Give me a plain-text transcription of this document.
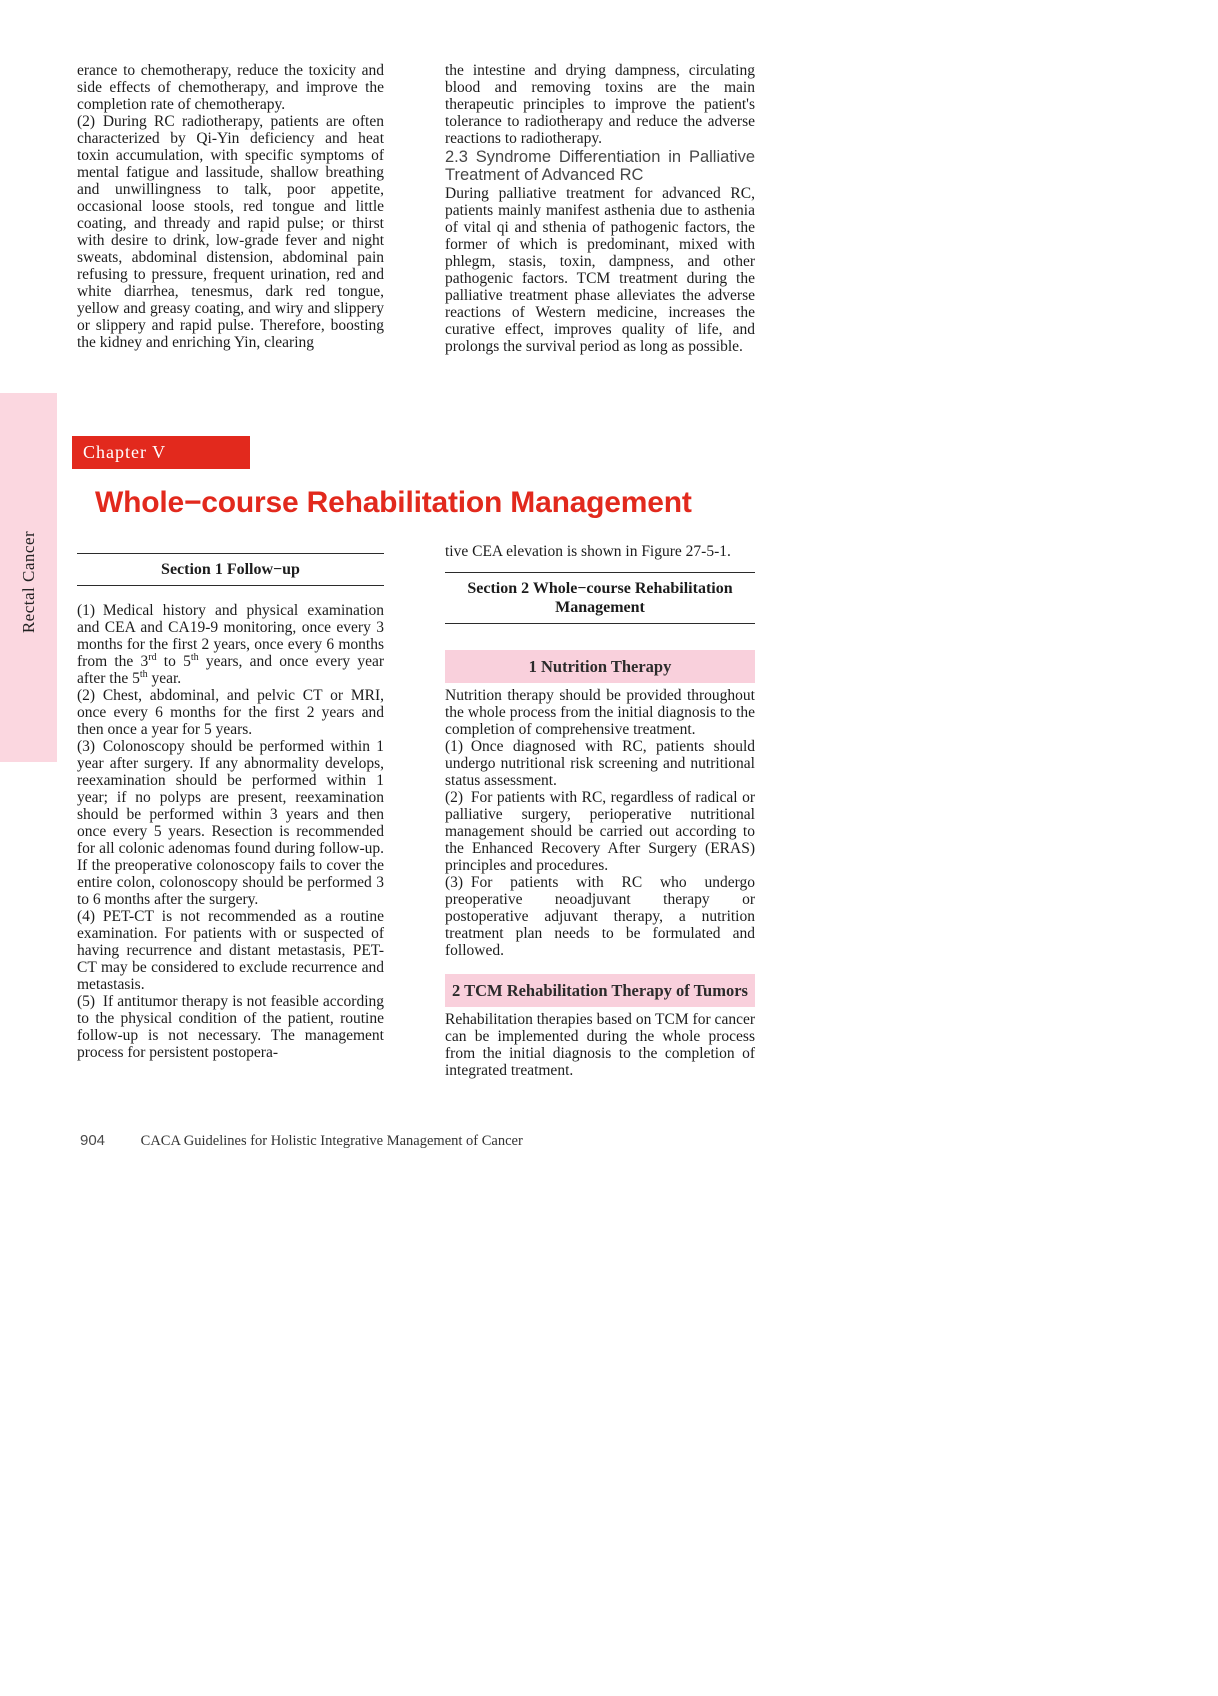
Rectal Cancer

erance to chemotherapy, reduce the toxicity and side effects of chemotherapy, and improve the completion rate of chemotherapy.

(2) During RC radiotherapy, patients are often characterized by Qi-Yin deficiency and heat toxin accumulation, with specific symptoms of mental fatigue and lassitude, shallow breathing and unwillingness to talk, poor appetite, occasional loose stools, red tongue and little coating, and thready and rapid pulse; or thirst with desire to drink, low-grade fever and night sweats, abdominal distension, abdominal pain refusing to pressure, frequent urination, red and white diarrhea, tenesmus, dark red tongue, yellow and greasy coating, and wiry and slippery or slippery and rapid pulse. Therefore, boosting the kidney and enriching Yin, clearing

the intestine and drying dampness, circulating blood and removing toxins are the main therapeutic principles to improve the patient's tolerance to radiotherapy and reduce the adverse reactions to radiotherapy.

2.3 Syndrome Differentiation in Palliative Treatment of Advanced RC

During palliative treatment for advanced RC, patients mainly manifest asthenia due to asthenia of vital qi and sthenia of pathogenic factors, the former of which is predominant, mixed with phlegm, stasis, toxin, dampness, and other pathogenic factors. TCM treatment during the palliative treatment phase alleviates the adverse reactions of Western medicine, increases the curative effect, improves quality of life, and prolongs the survival period as long as possible.

Chapter V
Whole−course Rehabilitation Management
Section 1 Follow−up

(1) Medical history and physical examination and CEA and CA19-9 monitoring, once every 3 months for the first 2 years, once every 6 months from the 3rd to 5th years, and once every year after the 5th year.

(2) Chest, abdominal, and pelvic CT or MRI, once every 6 months for the first 2 years and then once a year for 5 years.

(3) Colonoscopy should be performed within 1 year after surgery. If any abnormality develops, reexamination should be performed within 1 year; if no polyps are present, reexamination should be performed within 3 years and then once every 5 years. Resection is recommended for all colonic adenomas found during follow-up. If the preoperative colonoscopy fails to cover the entire colon, colonoscopy should be performed 3 to 6 months after the surgery.

(4) PET-CT is not recommended as a routine examination. For patients with or suspected of having recurrence and distant metastasis, PET-CT may be considered to exclude recurrence and metastasis.

(5) If antitumor therapy is not feasible according to the physical condition of the patient, routine follow-up is not necessary. The management process for persistent postopera-

tive CEA elevation is shown in Figure 27-5-1.

Section 2 Whole−course Rehabilitation Management
1 Nutrition Therapy

Nutrition therapy should be provided throughout the whole process from the initial diagnosis to the completion of comprehensive treatment.

(1) Once diagnosed with RC, patients should undergo nutritional risk screening and nutritional status assessment.

(2) For patients with RC, regardless of radical or palliative surgery, perioperative nutritional management should be carried out according to the Enhanced Recovery After Surgery (ERAS) principles and procedures.

(3) For patients with RC who undergo preoperative neoadjuvant therapy or postoperative adjuvant therapy, a nutrition treatment plan needs to be formulated and followed.

2 TCM Rehabilitation Therapy of Tumors

Rehabilitation therapies based on TCM for cancer can be implemented during the whole process from the initial diagnosis to the completion of integrated treatment.

904 CACA Guidelines for Holistic Integrative Management of Cancer
